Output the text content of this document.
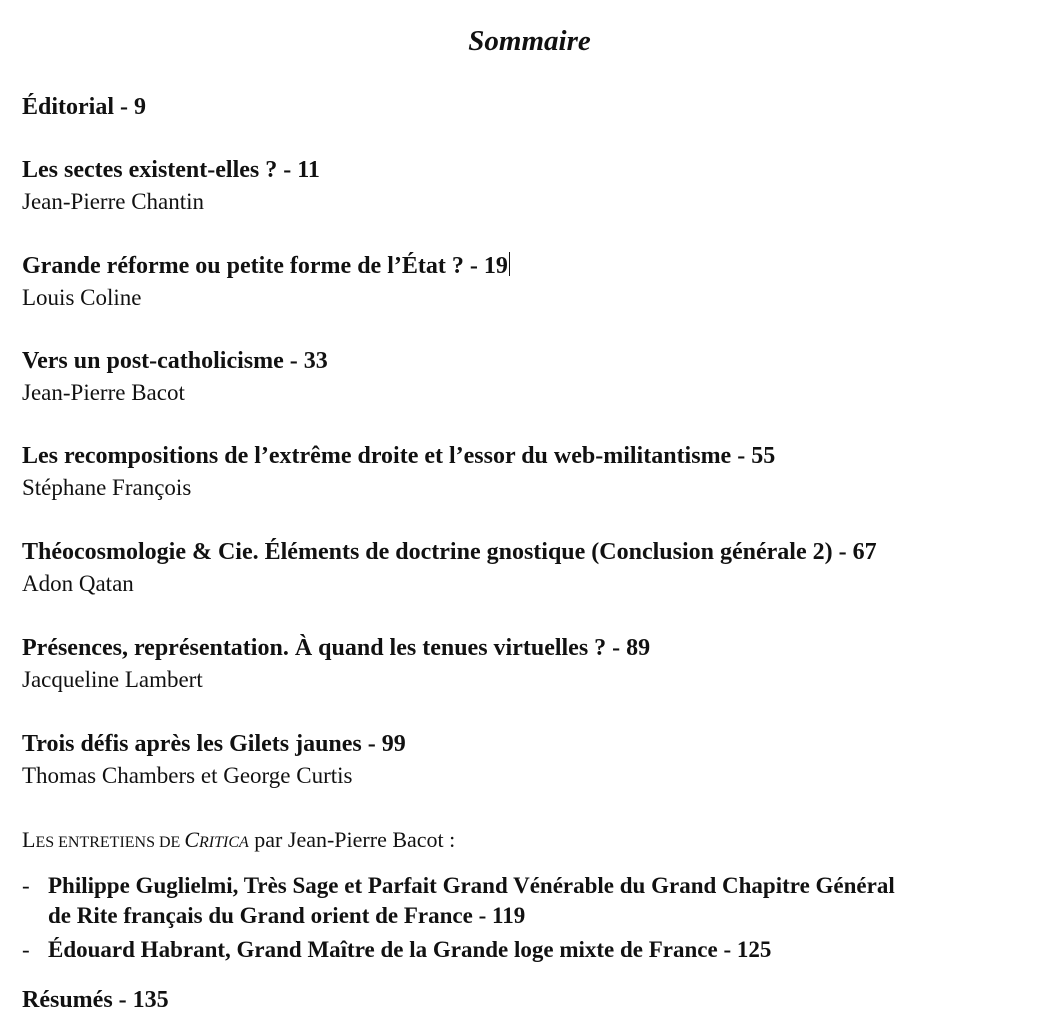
Sommaire
Éditorial - 9
Les sectes existent-elles ? - 11
Jean-Pierre Chantin
Grande réforme ou petite forme de l’État ? - 19
Louis Coline
Vers un post-catholicisme - 33
Jean-Pierre Bacot
Les recompositions de l’extrême droite et l’essor du web-militantisme - 55
Stéphane François
Théocosmologie & Cie. Éléments de doctrine gnostique (Conclusion générale 2) - 67
Adon Qatan
Présences, représentation. À quand les tenues virtuelles ? - 89
Jacqueline Lambert
Trois défis après les Gilets jaunes - 99
Thomas Chambers et George Curtis
LES ENTRETIENS DE CRITICA par Jean-Pierre Bacot :
- Philippe Guglielmi, Très Sage et Parfait Grand Vénérable du Grand Chapitre Général
de Rite français du Grand orient de France - 119
- Édouard Habrant, Grand Maître de la Grande loge mixte de France - 125
Résumés - 135
